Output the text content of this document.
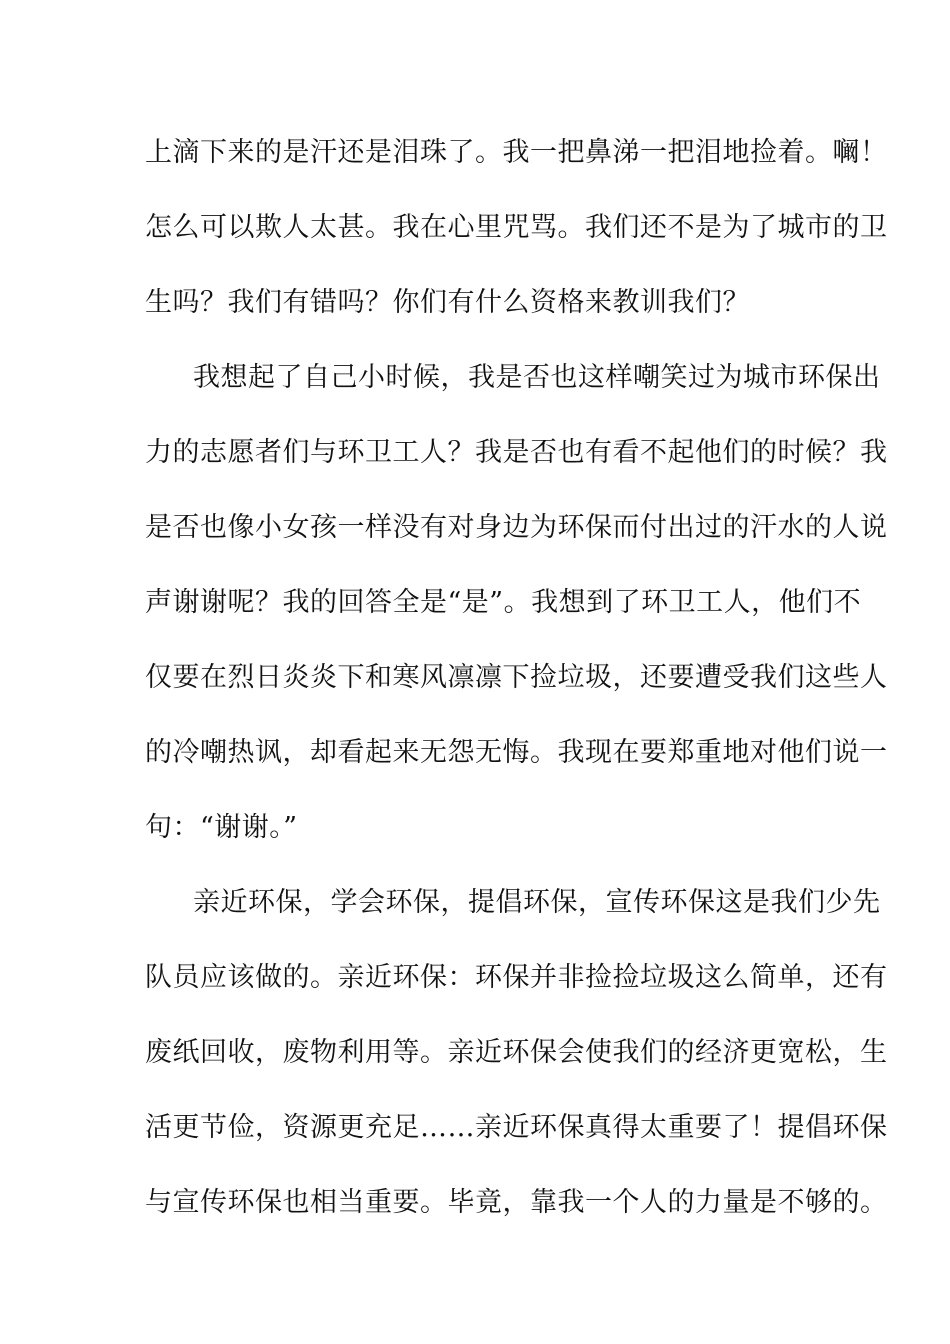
上滴下来的是汗还是泪珠了。我一把鼻涕一把泪地捡着。㘎！
怎么可以欺人太甚。我在心里咒骂。我们还不是为了城市的卫
生吗？我们有错吗？你们有什么资格来教训我们？
我想起了自己小时候，我是否也这样嘲笑过为城市环保出
力的志愿者们与环卫工人？我是否也有看不起他们的时候？我
是否也像小女孩一样没有对身边为环保而付出过的汗水的人说
声谢谢呢？我的回答全是“是”。我想到了环卫工人，他们不
仅要在烈日炎炎下和寒风凛凛下捡垃圾，还要遭受我们这些人
的冷嘲热讽，却看起来无怨无悔。我现在要郑重地对他们说一
句：“谢谢。”
亲近环保，学会环保，提倡环保，宣传环保这是我们少先
队员应该做的。亲近环保：环保并非捡捡垃圾这么简单，还有
废纸回收，废物利用等。亲近环保会使我们的经济更宽松，生
活更节俭，资源更充足……亲近环保真得太重要了！提倡环保
与宣传环保也相当重要。毕竟，靠我一个人的力量是不够的。
